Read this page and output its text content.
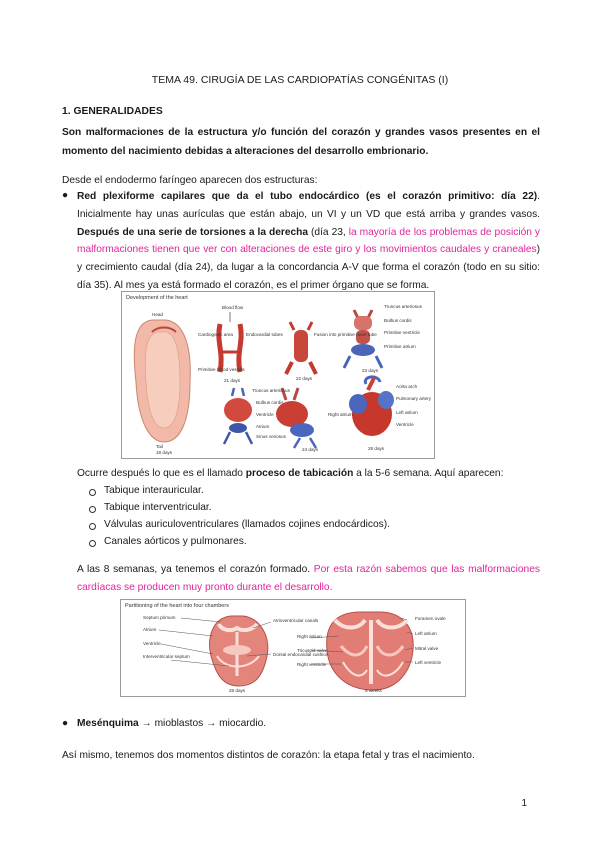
TEMA 49. CIRUGÍA DE LAS CARDIOPATÍAS CONGÉNITAS (I)
1. GENERALIDADES
Son malformaciones de la estructura y/o función del corazón y grandes vasos presentes en el momento del nacimiento debidas a alteraciones del desarrollo embrionario.
Desde el endodermo faríngeo aparecen dos estructuras:
● Red plexiforme capilares que da el tubo endocárdico (es el corazón primitivo: día 22). Inicialmente hay unas aurículas que están abajo, un VI y un VD que está arriba y grandes vasos. Después de una serie de torsiones a la derecha (día 23, la mayoría de los problemas de posición y malformaciones tienen que ver con alteraciones de este giro y los movimientos caudales y craneales) y crecimiento caudal (día 24), da lugar a la concordancia A-V que forma el corazón (todo en su sitio: día 35). Al mes ya está formado el corazón, es el primer órgano que se forma.
Development of the heart
Head
Cardiogenic area
Primitive blood vessels
Tail
18 days
Blood flow
Endocardial tubes
21 days
Fusion into primitive heart tube
22 days
Truncus arteriosus
Bulbus cordis
Primitive ventricle
Primitive atrium
23 days
Truncus arteriosus
Bulbus cordis
Ventricle
Atrium
Sinus venosus
24 days
Right atrium
Aorta arch
Pulmonary artery
Left atrium
Ventricle
28 days
Ocurre después lo que es el llamado proceso de tabicación a la 5-6 semana. Aquí aparecen:
Tabique interauricular.
Tabique interventricular.
Válvulas auriculoventriculares (llamados cojines endocárdicos).
Canales aórticos y pulmonares.
A las 8 semanas, ya tenemos el corazón formado. Por esta razón sabemos que las malformaciones cardíacas se producen muy pronto durante el desarrollo.
Partitioning of the heart into four chambers
Septum primum
Atrium
Ventricle
Interventricular septum
Atrioventricular canals
Dorsal endocardial cushion
28 days
Right atrium
Tricuspid valve
Right ventricle
Foramen ovale
Left atrium
Mitral valve
Left ventricle
8 weeks
● Mesénquima → mioblastos → miocardio.
Así mismo, tenemos dos momentos distintos de corazón: la etapa fetal y tras el nacimiento.
1
